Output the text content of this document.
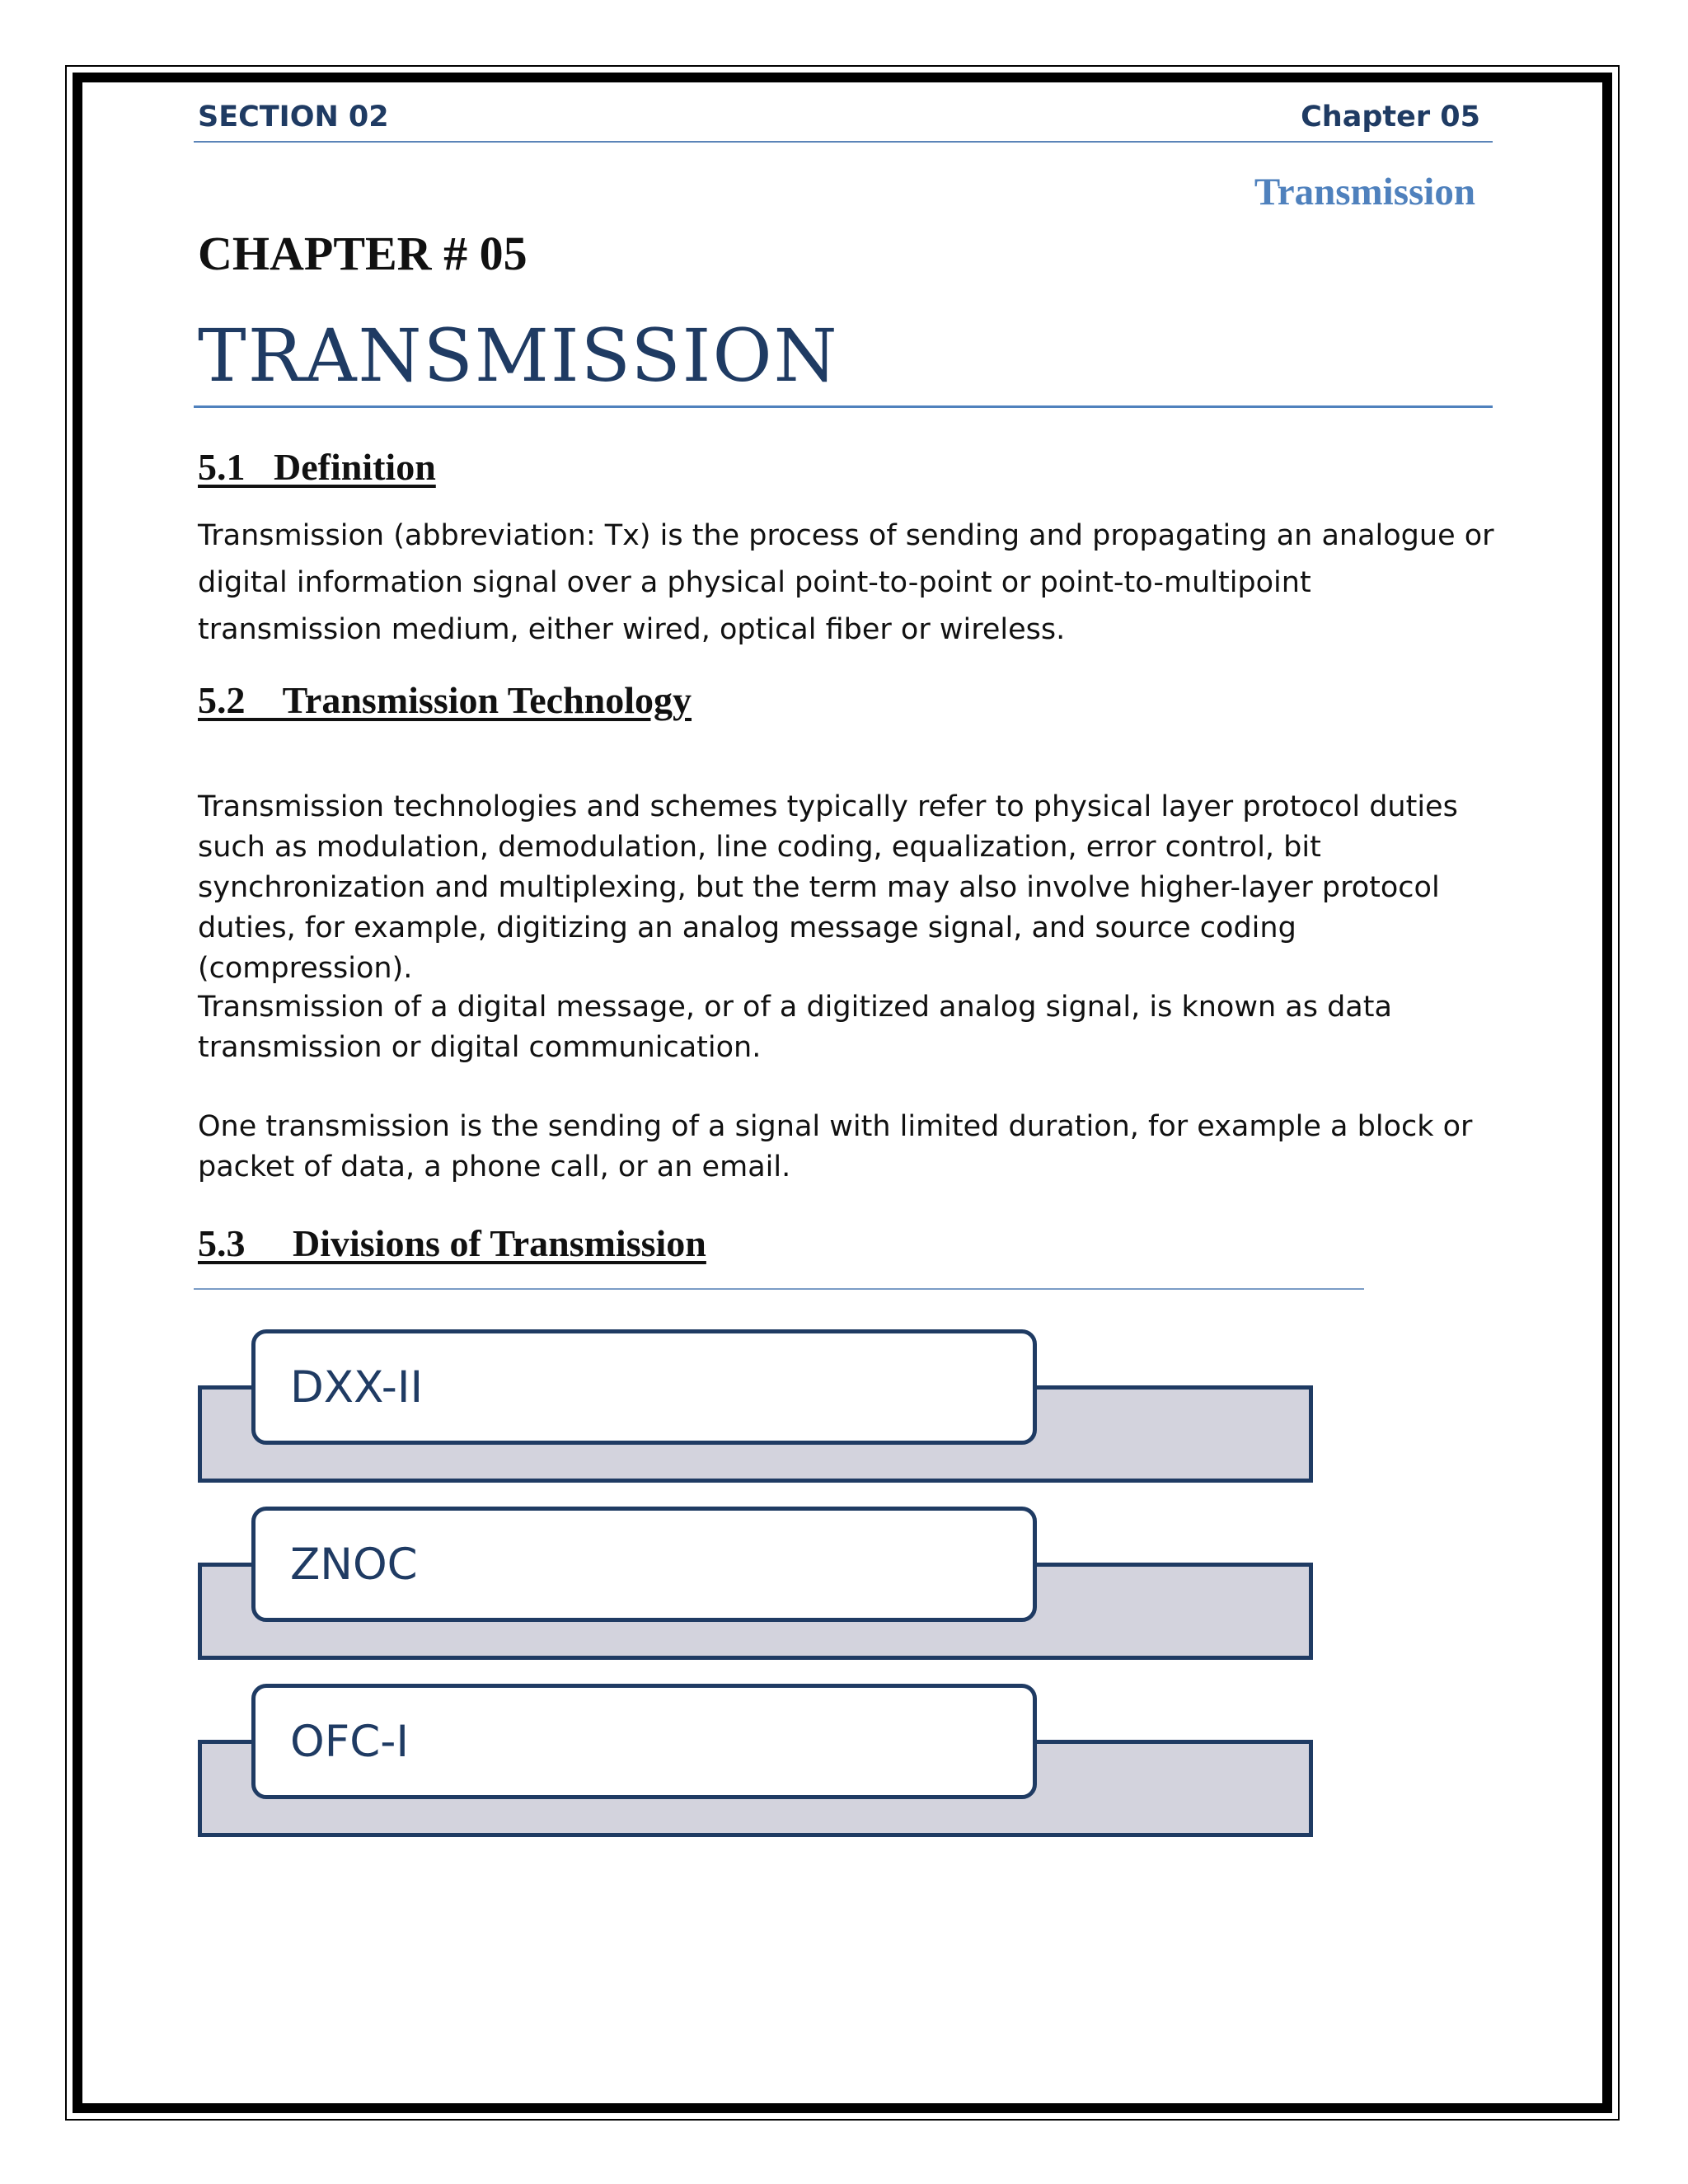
SECTION 02	Chapter 05
Transmission
CHAPTER # 05
TRANSMISSION
5.1   Definition

Transmission (abbreviation: Tx) is the process of sending and propagating an analogue or digital information signal over a physical point-to-point or point-to-multipoint transmission medium, either wired, optical fiber or wireless.

5.2    Transmission Technology

Transmission technologies and schemes typically refer to physical layer protocol duties such as modulation, demodulation, line coding, equalization, error control, bit synchronization and multiplexing, but the term may also involve higher-layer protocol duties, for example, digitizing an analog message signal, and source coding (compression).

Transmission of a digital message, or of a digitized analog signal, is known as data transmission or digital communication.

One transmission is the sending of a signal with limited duration, for example a block or packet of data, a phone call, or an email.

5.3     Divisions of Transmission
DXX-II
ZNOC
OFC-I
